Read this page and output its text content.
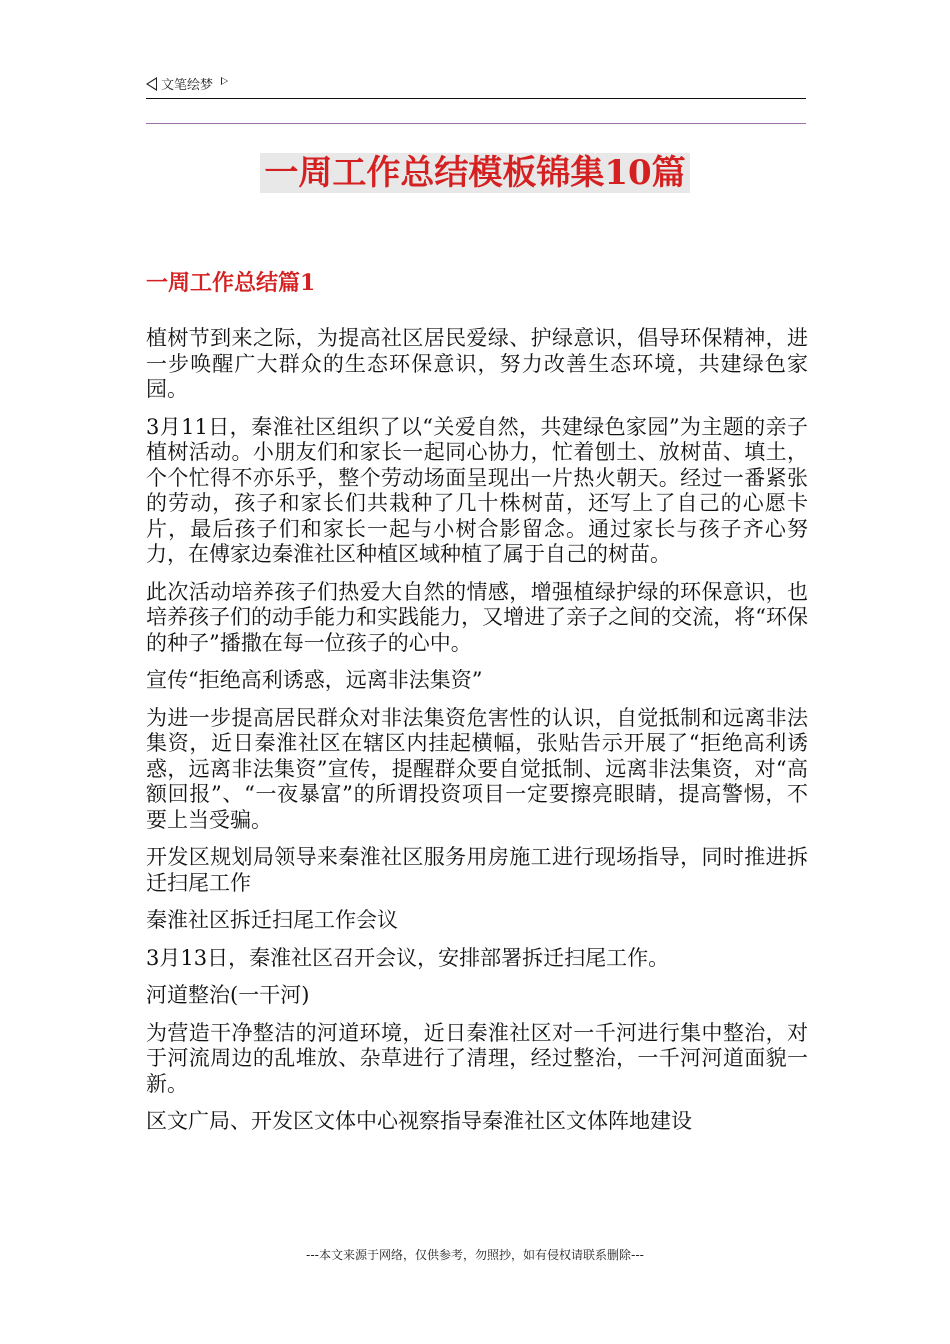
文笔绘梦
一周工作总结模板锦集10篇
一周工作总结篇1

植树节到来之际，为提高社区居民爱绿、护绿意识，倡导环保精神，进一步唤醒广大群众的生态环保意识，努力改善生态环境，共建绿色家园。

3月11日，秦淮社区组织了以“关爱自然，共建绿色家园”为主题的亲子植树活动。小朋友们和家长一起同心协力，忙着刨土、放树苗、填土，个个忙得不亦乐乎，整个劳动场面呈现出一片热火朝天。经过一番紧张的劳动，孩子和家长们共栽种了几十株树苗，还写上了自己的心愿卡片，最后孩子们和家长一起与小树合影留念。通过家长与孩子齐心努力，在傅家边秦淮社区种植区域种植了属于自己的树苗。

此次活动培养孩子们热爱大自然的情感，增强植绿护绿的环保意识，也培养孩子们的动手能力和实践能力，又增进了亲子之间的交流，将“环保的种子”播撒在每一位孩子的心中。

宣传“拒绝高利诱惑，远离非法集资”

为进一步提高居民群众对非法集资危害性的认识，自觉抵制和远离非法集资，近日秦淮社区在辖区内挂起横幅，张贴告示开展了“拒绝高利诱惑，远离非法集资”宣传，提醒群众要自觉抵制、远离非法集资，对“高额回报”、“一夜暴富”的所谓投资项目一定要擦亮眼睛，提高警惕，不要上当受骗。

开发区规划局领导来秦淮社区服务用房施工进行现场指导，同时推进拆迁扫尾工作

秦淮社区拆迁扫尾工作会议

3月13日，秦淮社区召开会议，安排部署拆迁扫尾工作。

河道整治(一干河)

为营造干净整洁的河道环境，近日秦淮社区对一千河进行集中整治，对于河流周边的乱堆放、杂草进行了清理，经过整治，一千河河道面貌一新。

区文广局、开发区文体中心视察指导秦淮社区文体阵地建设

---本文来源于网络，仅供参考，勿照抄，如有侵权请联系删除---
